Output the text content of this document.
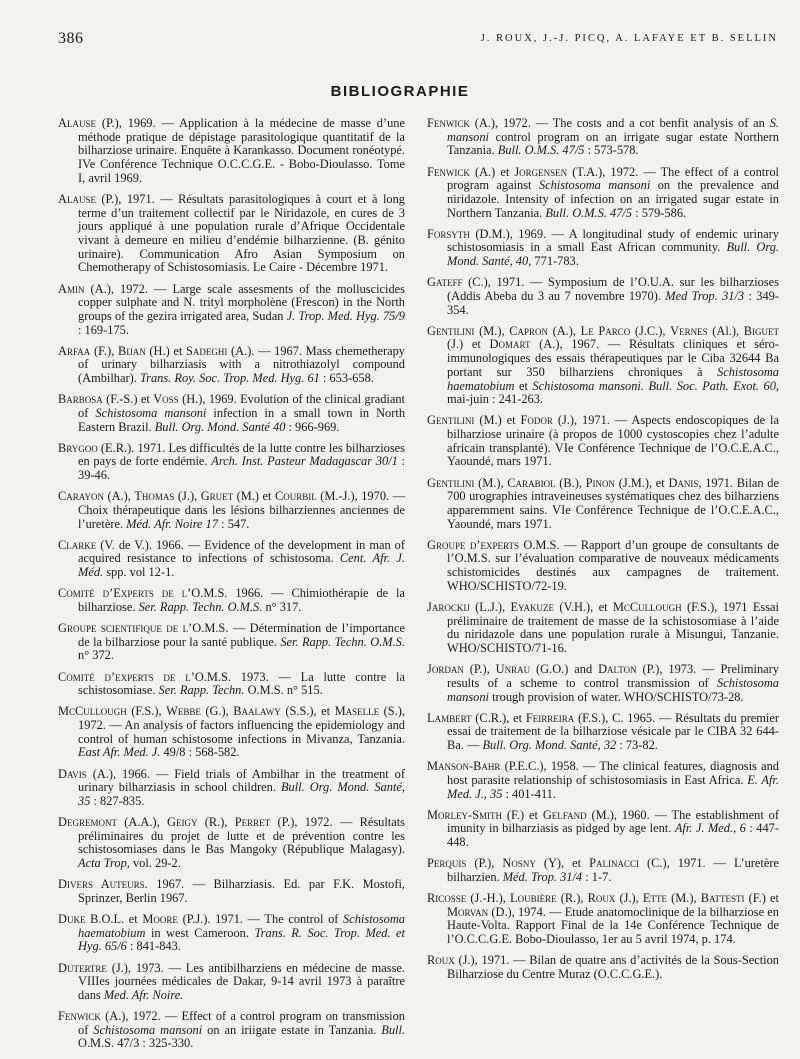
386	J. ROUX, J.-J. PICQ, A. LAFAYE ET B. SELLIN
BIBLIOGRAPHIE

Alause (P.), 1969. — Application à la médecine de masse d’une méthode pratique de dépistage parasitologique quantitatif de la bilharziose urinaire. Enquête à Karankasso. Document ronéotypé. IVe Conférence Technique O.C.C.G.E. - Bobo-Dioulasso. Tome I, avril 1969.

Alause (P.), 1971. — Résultats parasitologiques à court et à long terme d’un traitement collectif par le Niridazole, en cures de 3 jours appliqué à une population rurale d’Afrique Occidentale vivant à demeure en milieu d’endémie bilharzienne. (B. génito urinaire). Communication Afro Asian Symposium on Chemotherapy of Schistosomiasis. Le Caire - Décembre 1971.

Amin (A.), 1972. — Large scale assesments of the molluscicides copper sulphate and N. trityl morpholène (Frescon) in the North groups of the gezira irrigated area, Sudan J. Trop. Med. Hyg. 75/9 : 169-175.

Arfaa (F.), Bijan (H.) et Sadeghi (A.). — 1967. Mass chemetherapy of urinary bilharziasis with a nitrothiazolyl compound (Ambilhar). Trans. Roy. Soc. Trop. Med. Hyg. 61 : 653-658.

Barbosa (F.-S.) et Voss (H.), 1969. Evolution of the clinical gradiant of Schistosoma mansoni infection in a small town in North Eastern Brazil. Bull. Org. Mond. Santé 40 : 966-969.

Brygoo (E.R.). 1971. Les difficultés de la lutte contre les bilharzioses en pays de forte endémie. Arch. Inst. Pasteur Madagascar 30/1 : 39-46.

Carayon (A.), Thomas (J.), Gruet (M.) et Courbil (M.-J.), 1970. — Choix thérapeutique dans les lésions bilharziennes anciennes de l’uretère. Méd. Afr. Noire 17 : 547.

Clarke (V. de V.). 1966. — Evidence of the development in man of acquired resistance to infections of schistosoma. Cent. Afr. J. Méd. spp. vol 12-1.

Comité d’Experts de l’O.M.S. 1966. — Chimiothérapie de la bilharziose. Ser. Rapp. Techn. O.M.S. n° 317.

Groupe scientifique de l’O.M.S. — Détermination de l’importance de la bilharziose pour la santé publique. Ser. Rapp. Techn. O.M.S. n° 372.

Comité d’experts de l’O.M.S. 1973. — La lutte contre la schistosomiase. Ser. Rapp. Techn. O.M.S. n° 515.

McCullough (F.S.), Webbe (G.), Baalawy (S.S.), et Maselle (S.), 1972. — An analysis of factors influencing the epidemiology and control of human schistosome infections in Mivanza, Tanzania. East Afr. Med. J. 49/8 : 568-582.

Davis (A.), 1966. — Field trials of Ambilhar in the treatment of urinary bilharziasis in school children. Bull. Org. Mond. Santé, 35 : 827-835.

Degremont (A.A.), Geigy (R.), Perret (P.), 1972. — Résultats préliminaires du projet de lutte et de prévention contre les schistosomiases dans le Bas Mangoky (République Malagasy). Acta Trop, vol. 29-2.

Divers Auteurs. 1967. — Bilharziasis. Ed. par F.K. Mostofi, Sprinzer, Berlin 1967.

Duke B.O.L. et Moore (P.J.). 1971. — The control of Schistosoma haematobium in west Cameroon. Trans. R. Soc. Trop. Med. et Hyg. 65/6 : 841-843.

Dutertre (J.), 1973. — Les antibilharziens en médecine de masse. VIIIes journées médicales de Dakar, 9-14 avril 1973 à paraître dans Med. Afr. Noire.

Fenwick (A.), 1972. — Effect of a control program on transmission of Schistosoma mansoni on an iriigate estate in Tanzania. Bull. O.M.S. 47/3 : 325-330.

Fenwick (A.), 1972. — The costs and a cot benfit analysis of an S. mansoni control program on an irrigate sugar estate Northern Tanzania. Bull. O.M.S. 47/5 : 573-578.

Fenwick (A.) et Jorgensen (T.A.), 1972. — The effect of a control program against Schistosoma mansoni on the prevalence and niridazole. Intensity of infection on an irrigated sugar estate in Northern Tanzania. Bull. O.M.S. 47/5 : 579-586.

Forsyth (D.M.), 1969. — A longitudinal study of endemic urinary schistosomiasis in a small East African community. Bull. Org. Mond. Santé, 40, 771-783.

Gateff (C.), 1971. — Symposium de l’O.U.A. sur les bilharzioses (Addis Abeba du 3 au 7 novembre 1970). Med Trop. 31/3 : 349-354.

Gentilini (M.), Capron (A.), Le Parco (J.C.), Vernes (Al.), Biguet (J.) et Domart (A.), 1967. — Résultats cliniques et séro-immunologiques des essais thérapeutiques par le Ciba 32644 Ba portant sur 350 bilharziens chroniques à Schistosoma haematobium et Schistosoma mansoni. Bull. Soc. Path. Exot. 60, mai-juin : 241-263.

Gentilini (M.) et Fodor (J.), 1971. — Aspects endoscopiques de la bilharziose urinaire (à propos de 1000 cystoscopies chez l’adulte africain transplanté). VIe Conférence Technique de l’O.C.E.A.C., Yaoundé, mars 1971.

Gentilini (M.), Carabiol (B.), Pinon (J.M.), et Danis, 1971. Bilan de 700 urographies intraveineuses systématiques chez des bilharziens apparemment sains. VIe Conférence Technique de l’O.C.E.A.C., Yaoundé, mars 1971.

Groupe d’experts O.M.S. — Rapport d’un groupe de consultants de l’O.M.S. sur l’évaluation comparative de nouveaux médicaments schistomicides destinés aux campagnes de traitement. WHO/SCHISTO/72-19.

Jarockij (L.J.), Eyakuze (V.H.), et McCullough (F.S.), 1971 Essai préliminaire de traitement de masse de la schistosomiase à l’aide du niridazole dans une population rurale à Misungui, Tanzanie. WHO/SCHISTO/71-16.

Jordan (P.), Unrau (G.O.) and Dalton (P.), 1973. — Preliminary results of a scheme to control transmission of Schistosoma mansoni trough provision of water. WHO/SCHISTO/73-28.

Lambert (C.R.), et Feirreira (F.S.), C. 1965. — Résultats du premier essai de traitement de la bilharziose vésicale par le CIBA 32 644-Ba. — Bull. Org. Mond. Santé, 32 : 73-82.

Manson-Bahr (P.E.C.), 1958. — The clinical features, diagnosis and host parasite relationship of schistosomiasis in East Africa. E. Afr. Med. J., 35 : 401-411.

Morley-Smith (F.) et Gelfand (M.), 1960. — The establishment of imunity in bilharziasis as pidged by age lent. Afr. J. Med., 6 : 447-448.

Perquis (P.), Nosny (Y), et Palinacci (C.), 1971. — L’uretère bilharzien. Méd. Trop. 31/4 : 1-7.

Ricosse (J.-H.), Loubière (R.), Roux (J.), Ette (M.), Battesti (F.) et Morvan (D.), 1974. — Etude anatomoclinique de la bilharziose en Haute-Volta. Rapport Final de la 14e Conférence Technique de l’O.C.C.G.E. Bobo-Dioulasso, 1er au 5 avril 1974, p. 174.

Roux (J.), 1971. — Bilan de quatre ans d’activités de la Sous-Section Bilharziose du Centre Muraz (O.C.C.G.E.).
